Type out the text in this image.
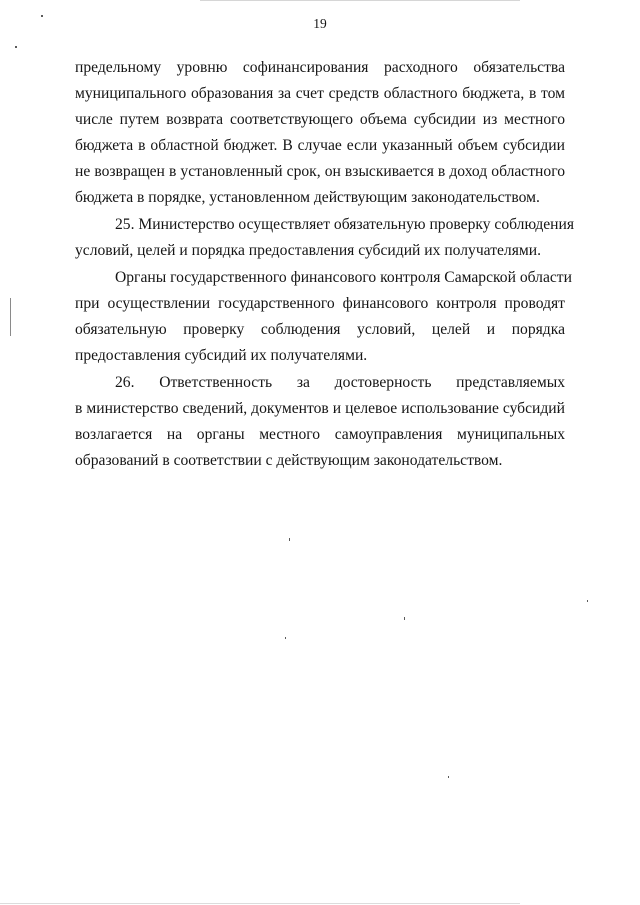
19
предельному уровню софинансирования расходного обязательства
муниципального образования за счет средств областного бюджета, в том
числе путем возврата соответствующего объема субсидии из местного
бюджета в областной бюджет. В случае если указанный объем субсидии
не возвращен в установленный срок, он взыскивается в доход областного
бюджета в порядке, установленном действующим законодательством.
25. Министерство осуществляет обязательную проверку соблюдения
условий, целей и порядка предоставления субсидий их получателями.
Органы государственного финансового контроля Самарской области
при осуществлении государственного финансового контроля проводят
обязательную проверку соблюдения условий, целей и порядка
предоставления субсидий их получателями.
26. Ответственность за достоверность представляемых
в министерство сведений, документов и целевое использование субсидий
возлагается на органы местного самоуправления муниципальных
образований в соответствии с действующим законодательством.
